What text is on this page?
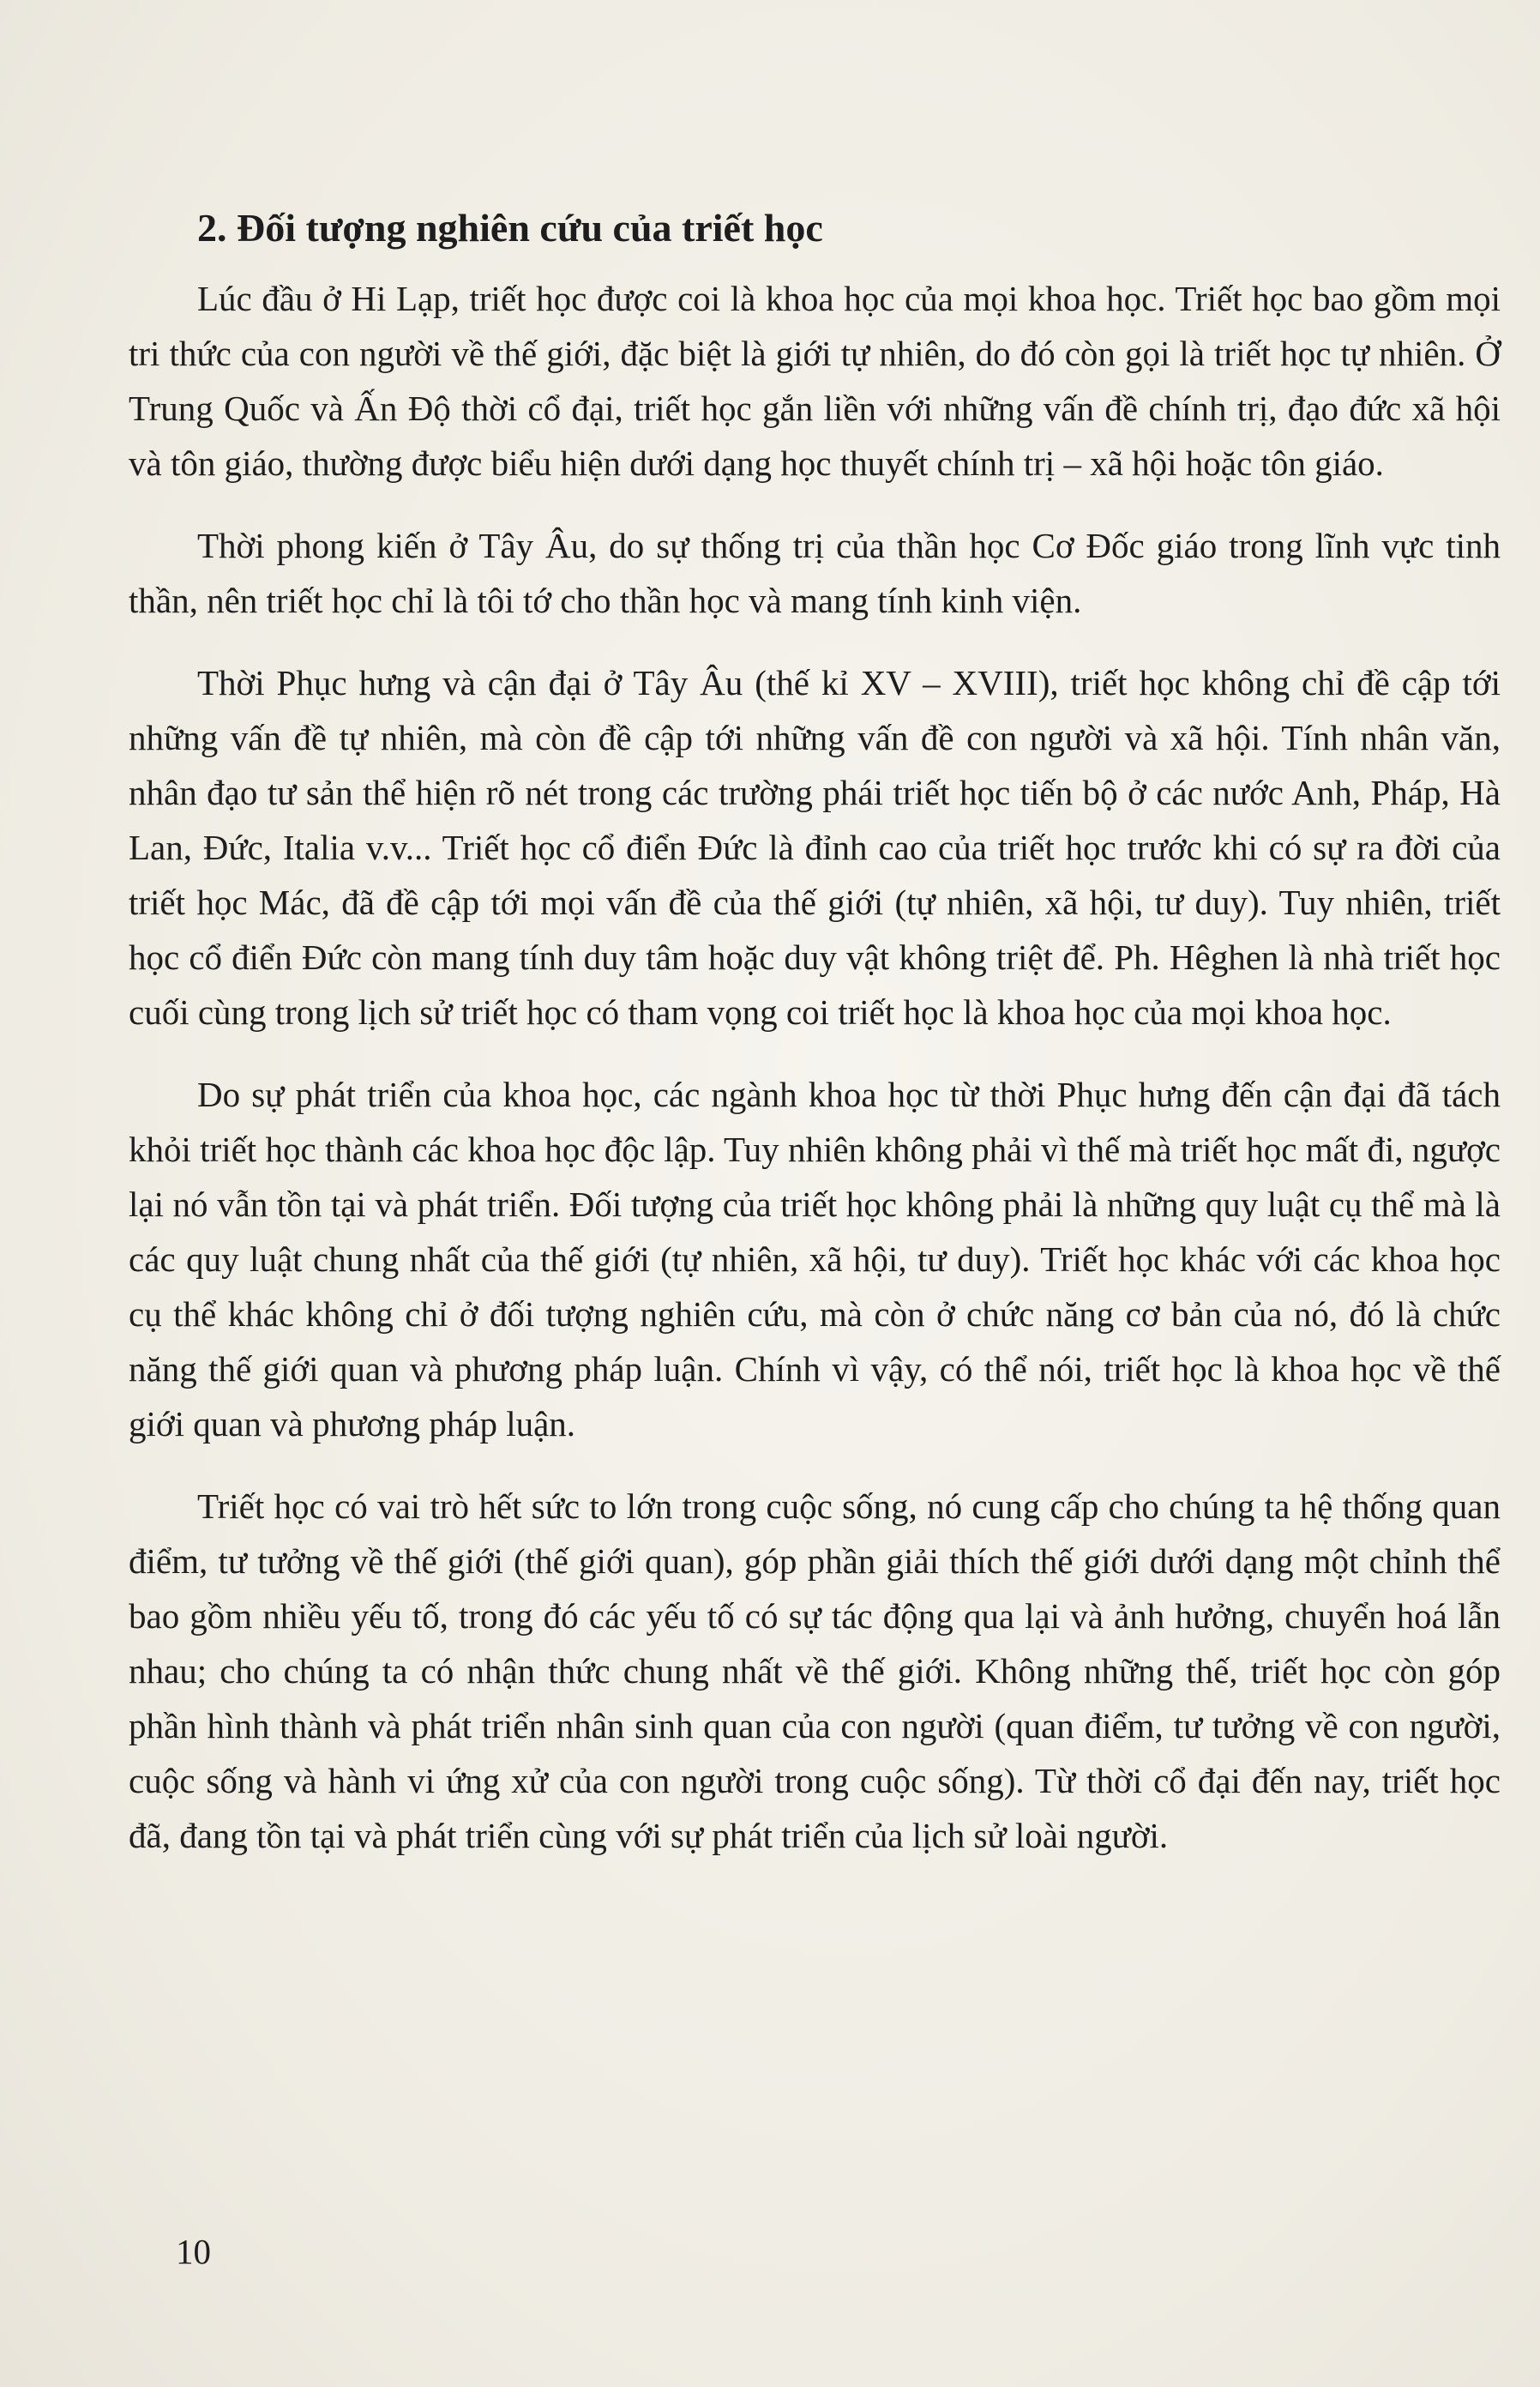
2. Đối tượng nghiên cứu của triết học

Lúc đầu ở Hi Lạp, triết học được coi là khoa học của mọi khoa học. Triết học bao gồm mọi tri thức của con người về thế giới, đặc biệt là giới tự nhiên, do đó còn gọi là triết học tự nhiên. Ở Trung Quốc và Ấn Độ thời cổ đại, triết học gắn liền với những vấn đề chính trị, đạo đức xã hội và tôn giáo, thường được biểu hiện dưới dạng học thuyết chính trị – xã hội hoặc tôn giáo.

Thời phong kiến ở Tây Âu, do sự thống trị của thần học Cơ Đốc giáo trong lĩnh vực tinh thần, nên triết học chỉ là tôi tớ cho thần học và mang tính kinh viện.

Thời Phục hưng và cận đại ở Tây Âu (thế kỉ XV – XVIII), triết học không chỉ đề cập tới những vấn đề tự nhiên, mà còn đề cập tới những vấn đề con người và xã hội. Tính nhân văn, nhân đạo tư sản thể hiện rõ nét trong các trường phái triết học tiến bộ ở các nước Anh, Pháp, Hà Lan, Đức, Italia v.v... Triết học cổ điển Đức là đỉnh cao của triết học trước khi có sự ra đời của triết học Mác, đã đề cập tới mọi vấn đề của thế giới (tự nhiên, xã hội, tư duy). Tuy nhiên, triết học cổ điển Đức còn mang tính duy tâm hoặc duy vật không triệt để. Ph. Hêghen là nhà triết học cuối cùng trong lịch sử triết học có tham vọng coi triết học là khoa học của mọi khoa học.

Do sự phát triển của khoa học, các ngành khoa học từ thời Phục hưng đến cận đại đã tách khỏi triết học thành các khoa học độc lập. Tuy nhiên không phải vì thế mà triết học mất đi, ngược lại nó vẫn tồn tại và phát triển. Đối tượng của triết học không phải là những quy luật cụ thể mà là các quy luật chung nhất của thế giới (tự nhiên, xã hội, tư duy). Triết học khác với các khoa học cụ thể khác không chỉ ở đối tượng nghiên cứu, mà còn ở chức năng cơ bản của nó, đó là chức năng thế giới quan và phương pháp luận. Chính vì vậy, có thể nói, triết học là khoa học về thế giới quan và phương pháp luận.

Triết học có vai trò hết sức to lớn trong cuộc sống, nó cung cấp cho chúng ta hệ thống quan điểm, tư tưởng về thế giới (thế giới quan), góp phần giải thích thế giới dưới dạng một chỉnh thể bao gồm nhiều yếu tố, trong đó các yếu tố có sự tác động qua lại và ảnh hưởng, chuyển hoá lẫn nhau; cho chúng ta có nhận thức chung nhất về thế giới. Không những thế, triết học còn góp phần hình thành và phát triển nhân sinh quan của con người (quan điểm, tư tưởng về con người, cuộc sống và hành vi ứng xử của con người trong cuộc sống). Từ thời cổ đại đến nay, triết học đã, đang tồn tại và phát triển cùng với sự phát triển của lịch sử loài người.

10
